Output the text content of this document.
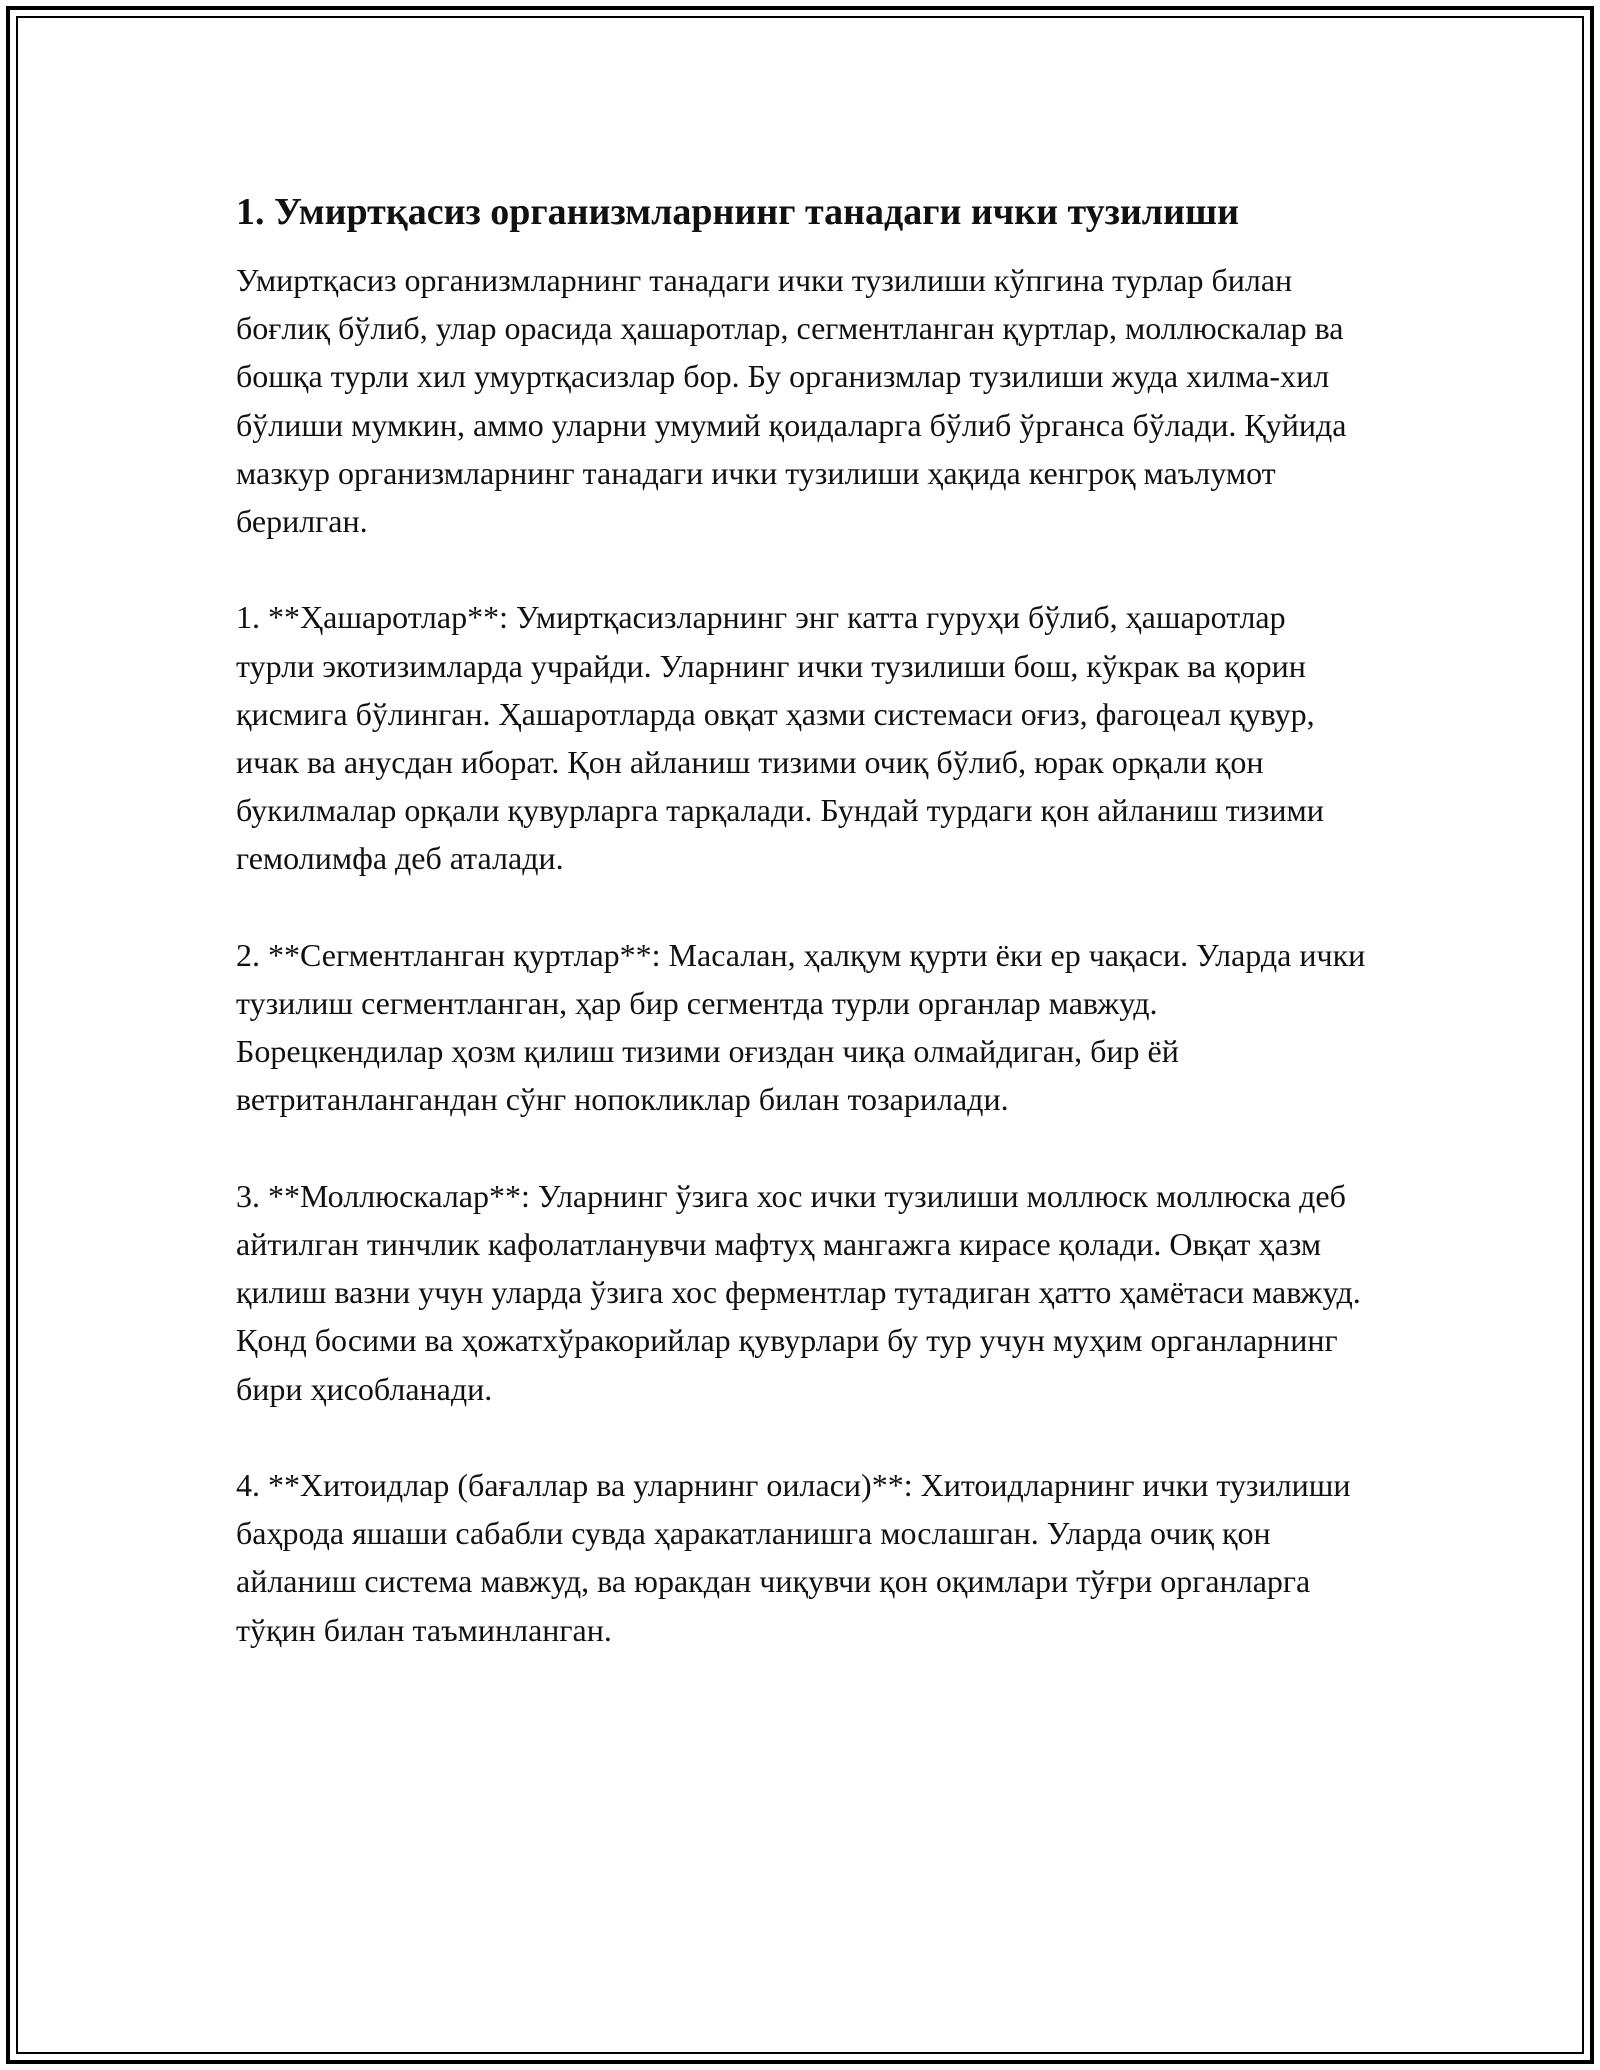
1. Умиртқасиз организмларнинг танадаги ички тузилиши

Умиртқасиз организмларнинг танадаги ички тузилиши кўпгина турлар билан боғлиқ бўлиб, улар орасида ҳашаротлар, сегментланган қуртлар, моллюскалар ва бошқа турли хил умуртқасизлар бор. Бу организмлар тузилиши жуда хилма-хил бўлиши мумкин, аммо уларни умумий қоидаларга бўлиб ўрганса бўлади. Қуйида мазкур организмларнинг танадаги ички тузилиши ҳақида кенгроқ маълумот берилган.

1. **Ҳашаротлар**: Умиртқасизларнинг энг катта гуруҳи бўлиб, ҳашаротлар турли экотизимларда учрайди. Уларнинг ички тузилиши бош, кўкрак ва қорин қисмига бўлинган. Ҳашаротларда овқат ҳазми системаси оғиз, фагоцеал қувур, ичак ва анусдан иборат. Қон айланиш тизими очиқ бўлиб, юрак орқали қон букилмалар орқали қувурларга тарқалади. Бундай турдаги қон айланиш тизими гемолимфа деб аталади.

2. **Сегментланган қуртлар**: Масалан, ҳалқум қурти ёки ер чақаси. Уларда ички тузилиш сегментланган, ҳар бир сегментда турли органлар мавжуд. Борецкендилар ҳозм қилиш тизими оғиздан чиқа олмайдиган, бир ёй ветританлангандан сўнг нопокликлар билан тозарилади.

3. **Моллюскалар**: Уларнинг ўзига хос ички тузилиши моллюск моллюска деб айтилган тинчлик кафолатланувчи мафтуҳ мангажга кирасе қолади. Овқат ҳазм қилиш вазни учун уларда ўзига хос ферментлар тутадиган ҳатто ҳамётаси мавжуд. Қонд босими ва ҳожатхўракорийлар қувурлари бу тур учун муҳим органларнинг бири ҳисобланади.

4. **Хитоидлар (бағаллар ва уларнинг оиласи)**: Хитоидларнинг ички тузилиши баҳрода яшаши сабабли сувда ҳаракатланишга мослашган. Уларда очиқ қон айланиш система мавжуд, ва юракдан чиқувчи қон оқимлари тўғри органларга тўқин билан таъминланган.
